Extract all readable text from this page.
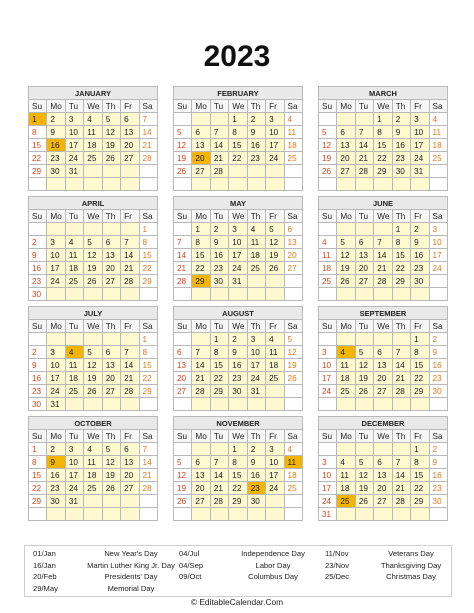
2023
JANUARY						
Su	Mo	Tu	We	Th	Fr	Sa
1	2	3	4	5	6	7
8	9	10	11	12	13	14
15	16	17	18	19	20	21
22	23	24	25	26	27	28
29	30	31				

FEBRUARY						
Su	Mo	Tu	We	Th	Fr	Sa
			1	2	3	4
5	6	7	8	9	10	11
12	13	14	15	16	17	18
19	20	21	22	23	24	25
26	27	28				

MARCH						
Su	Mo	Tu	We	Th	Fr	Sa
			1	2	3	4
5	6	7	8	9	10	11
12	13	14	15	16	17	18
19	20	21	22	23	24	25
26	27	28	29	30	31	

APRIL						
Su	Mo	Tu	We	Th	Fr	Sa
						1
2	3	4	5	6	7	8
9	10	11	12	13	14	15
16	17	18	19	20	21	22
23	24	25	26	27	28	29
30						
MAY						
Su	Mo	Tu	We	Th	Fr	Sa
	1	2	3	4	5	6
7	8	9	10	11	12	13
14	15	16	17	18	19	20
21	22	23	24	25	26	27
28	29	30	31			

JUNE						
Su	Mo	Tu	We	Th	Fr	Sa
				1	2	3
4	5	6	7	8	9	10
11	12	13	14	15	16	17
18	19	20	21	22	23	24
25	26	27	28	29	30	

JULY						
Su	Mo	Tu	We	Th	Fr	Sa
						1
2	3	4	5	6	7	8
9	10	11	12	13	14	15
16	17	18	19	20	21	22
23	24	25	26	27	28	29
30	31					
AUGUST						
Su	Mo	Tu	We	Th	Fr	Sa
		1	2	3	4	5
6	7	8	9	10	11	12
13	14	15	16	17	18	19
20	21	22	23	24	25	26
27	28	29	30	31		

SEPTEMBER						
Su	Mo	Tu	We	Th	Fr	Sa
					1	2
3	4	5	6	7	8	9
10	11	12	13	14	15	16
17	18	19	20	21	22	23
24	25	26	27	28	29	30

OCTOBER						
Su	Mo	Tu	We	Th	Fr	Sa
1	2	3	4	5	6	7
8	9	10	11	12	13	14
15	16	17	18	19	20	21
22	23	24	25	26	27	28
29	30	31				

NOVEMBER						
Su	Mo	Tu	We	Th	Fr	Sa
			1	2	3	4
5	6	7	8	9	10	11
12	13	14	15	16	17	18
19	20	21	22	23	24	25
26	27	28	29	30		

DECEMBER						
Su	Mo	Tu	We	Th	Fr	Sa
					1	2
3	4	5	6	7	8	9
10	11	12	13	14	15	16
17	18	19	20	21	22	23
24	25	26	27	28	29	30
31						
01/Jan	New Year's Day	04/Jul	Independence Day	11/Nov	Veterans Day
16/Jan	Martin Luther King Jr. Day 04/Sep	Labor Day	23/Nov	Thanksgiving Day
20/Feb	Presidents' Day	09/Oct	Columbus Day	25/Dec	Christmas Day
29/May	Memorial Day
© EditableCalendar.Com
